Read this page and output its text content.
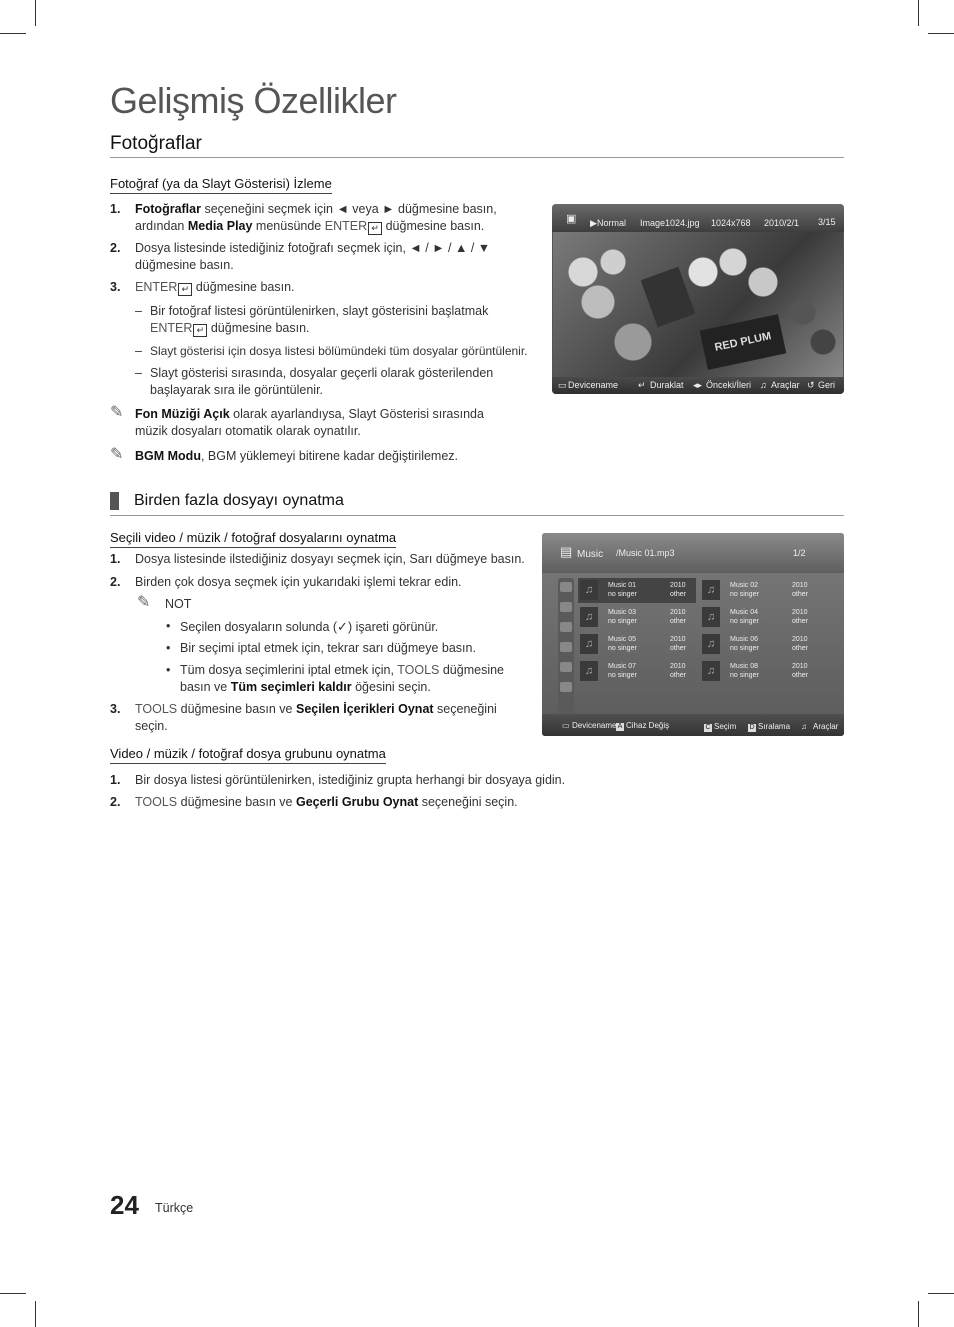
Gelişmiş Özellikler
Fotoğraflar
Fotoğraf (ya da Slayt Gösterisi) İzleme
1. Fotoğraflar seçeneğini seçmek için ◄ veya ► düğmesine basın,
ardından Media Play menüsünde ENTER ↵ düğmesine basın.
2. Dosya listesinde istediğiniz fotoğrafı seçmek için, ◄ / ► / ▲ / ▼
düğmesine basın.
3. ENTER ↵ düğmesine basın.
– Bir fotoğraf listesi görüntülenirken, slayt gösterisini başlatmak
ENTER ↵ düğmesine basın.
– Slayt gösterisi için dosya listesi bölümündeki tüm dosyalar görüntülenir.
– Slayt gösterisi sırasında, dosyalar geçerli olarak gösterilenden
başlayarak sıra ile görüntülenir.
✎ Fon Müziği Açık olarak ayarlandıysa, Slayt Gösterisi sırasında
müzik dosyaları otomatik olarak oynatılır.
✎ BGM Modu, BGM yüklemeyi bitirene kadar değiştirilemez.
▣ ▶ Normal Image1024.jpg 1024x768 2010/2/1 3/15
RED PLUM
▭ Devicename ↵ Duraklat ◂▸ Önceki/İleri ♫ Araçlar ↺ Geri
Birden fazla dosyayı oynatma
Seçili video / müzik / fotoğraf dosyalarını oynatma
1. Dosya listesinde ilstediğiniz dosyayı seçmek için, Sarı düğmeye basın.
2. Birden çok dosya seçmek için yukarıdaki işlemi tekrar edin.
✎ NOT
• Seçilen dosyaların solunda (✓) işareti görünür.
• Bir seçimi iptal etmek için, tekrar sarı düğmeye basın.
• Tüm dosya seçimlerini iptal etmek için, TOOLS düğmesine
basın ve Tüm seçimleri kaldır öğesini seçin.
3. TOOLS düğmesine basın ve Seçilen İçerikleri Oynat seçeneğini
seçin.
Video / müzik / fotoğraf dosya grubunu oynatma
1. Bir dosya listesi görüntülenirken, istediğiniz grupta herhangi bir dosyaya gidin.
2. TOOLS düğmesine basın ve Geçerli Grubu Oynat seçeneğini seçin.
▤ Music /Music 01.mp3	1/2
♫	Music 01
no singer
2010
other	♫	Music 02
no singer
2010
other
♫	Music 03
no singer
2010
other	♫	Music 04
no singer
2010
other
♫	Music 05
no singer
2010
other	♫	Music 06
no singer
2010
other
♫	Music 07
no singer
2010
other	♫	Music 08
no singer
2010
other
▭ Devicename A Cihaz Değiş	C Seçim D Sıralama ♫ Araçlar
24 Türkçe
